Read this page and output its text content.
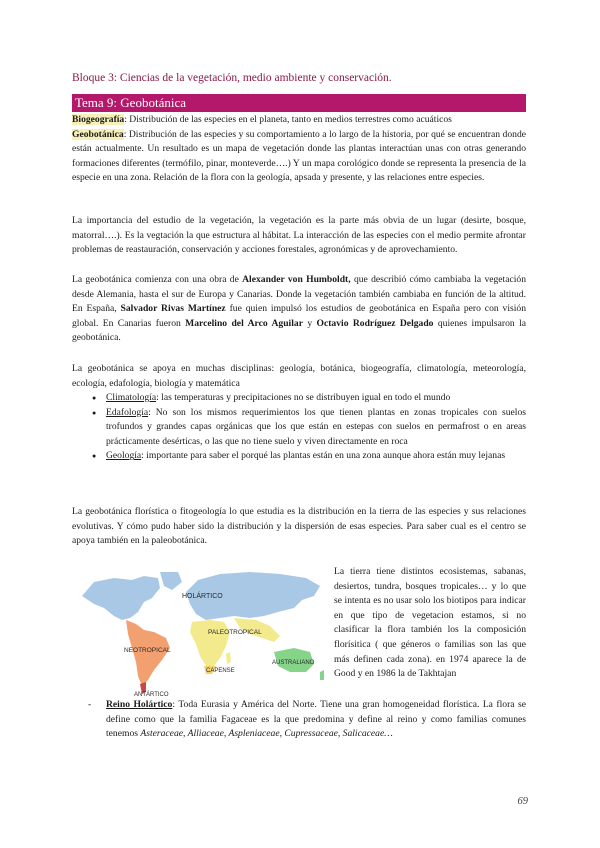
Bloque 3: Ciencias de la vegetación, medio ambiente y conservación.
Tema 9: Geobotánica
Biogeografía: Distribución de las especies en el planeta, tanto en medios terrestres como acuáticos
Geobotánica: Distribución de las especies y su comportamiento a lo largo de la historia, por qué se encuentran donde están actualmente. Un resultado es un mapa de vegetación donde las plantas interactúan unas con otras generando formaciones diferentes (termófilo, pinar, monteverde….) Y un mapa corológico donde se representa la presencia de la especie en una zona. Relación de la flora con la geología, apsada y presente, y las relaciones entre especies.
La importancia del estudio de la vegetación, la vegetación es la parte más obvia de un lugar (desirte, bosque, matorral….). Es la vegtación la que estructura al hábitat. La interacción de las especies con el medio permite afrontar problemas de reastauración, conservación y acciones forestales, agronómicas y de aprovechamiento.
La geobotánica comienza con una obra de Alexander von Humboldt, que describió cómo cambiaba la vegetación desde Alemania, hasta el sur de Europa y Canarias. Donde la vegetación también cambiaba en función de la altitud. En España, Salvador Rivas Martínez fue quien impulsó los estudios de geobotánica en España pero con visión global. En Canarias fueron Marcelino del Arco Aguilar y Octavio Rodríguez Delgado quienes impulsaron la geobotánica.
La geobotánica se apoya en muchas disciplinas: geología, botánica, biogeografía, climatología, meteorología, ecología, edafología, biología y matemática
● Climatología: las temperaturas y precipitaciones no se distribuyen igual en todo el mundo
● Edafología: No son los mismos requerimientos los que tienen plantas en zonas tropicales con suelos trofundos y grandes capas orgánicas que los que están en estepas con suelos en permafrost o en areas prácticamente desérticas, o las que no tiene suelo y viven directamente en roca
● Geología: importante para saber el porqué las plantas están en una zona aunque ahora están muy lejanas
La geobotánica florística o fitogeología lo que estudia es la distribución en la tierra de las especies y sus relaciones evolutivas. Y cómo pudo haber sido la distribución y la dispersión de esas especies. Para saber cual es el centro se apoya también en la paleobotánica.
HOLÁRTICO
NEOTROPICAL
PALEOTROPICAL
CAPENSE
AUSTRALIANO
ANTÁRTICO
La tierra tiene distintos ecosistemas, sabanas, desiertos, tundra, bosques tropicales… y lo que se intenta es no usar solo los biotipos para indicar en que tipo de vegetacion estamos, si no clasificar la flora también los la composición florísitica ( que géneros o familias son las que más definen cada zona). en 1974 aparece la de Good y en 1986 la de Takhtajan
-	Reino Holártico: Toda Eurasia y América del Norte. Tiene una gran homogeneidad florística. La flora se define como que la familia Fagaceae es la que predomina y define al reino y como familias comunes tenemos Asteraceae, Alliaceae, Aspleniaceae, Cupressaceae, Salicaceae…
69
